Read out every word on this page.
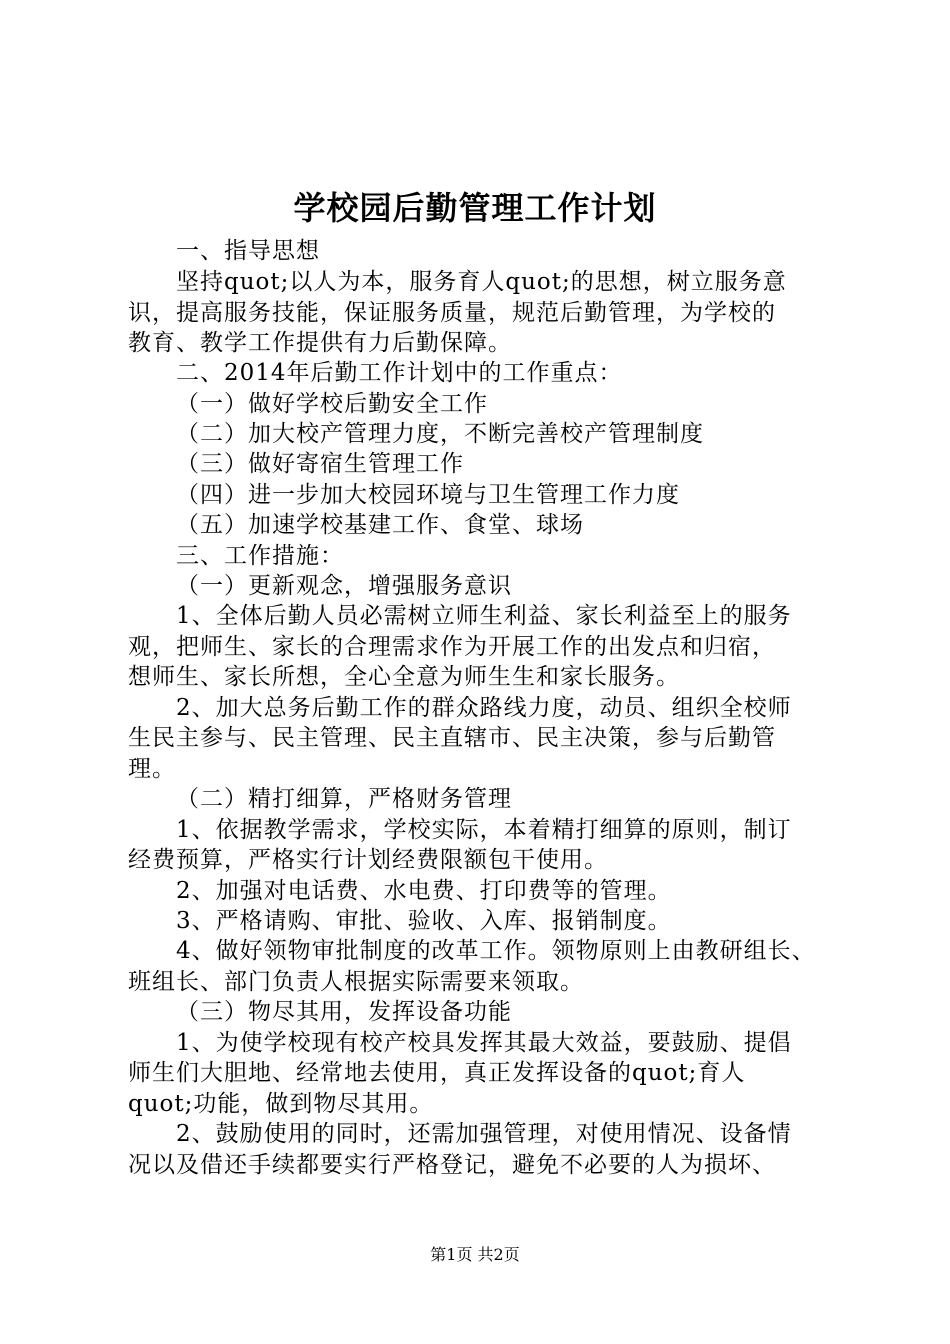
学校园后勤管理工作计划
一、指导思想
坚持quot;以人为本，服务育人quot;的思想，树立服务意
识，提高服务技能，保证服务质量，规范后勤管理，为学校的
教育、教学工作提供有力后勤保障。
二、2014年后勤工作计划中的工作重点：
（一）做好学校后勤安全工作
（二）加大校产管理力度，不断完善校产管理制度
（三）做好寄宿生管理工作
（四）进一步加大校园环境与卫生管理工作力度
（五）加速学校基建工作、食堂、球场
三、工作措施：
（一）更新观念，增强服务意识
1、全体后勤人员必需树立师生利益、家长利益至上的服务
观，把师生、家长的合理需求作为开展工作的出发点和归宿，
想师生、家长所想，全心全意为师生生和家长服务。
2、加大总务后勤工作的群众路线力度，动员、组织全校师
生民主参与、民主管理、民主直辖市、民主决策，参与后勤管
理。
（二）精打细算，严格财务管理
1、依据教学需求，学校实际，本着精打细算的原则，制订
经费预算，严格实行计划经费限额包干使用。
2、加强对电话费、水电费、打印费等的管理。
3、严格请购、审批、验收、入库、报销制度。
4、做好领物审批制度的改革工作。领物原则上由教研组长、
班组长、部门负责人根据实际需要来领取。
（三）物尽其用，发挥设备功能
1、为使学校现有校产校具发挥其最大效益，要鼓励、提倡
师生们大胆地、经常地去使用，真正发挥设备的quot;育人
quot;功能，做到物尽其用。
2、鼓励使用的同时，还需加强管理，对使用情况、设备情
况以及借还手续都要实行严格登记，避免不必要的人为损坏、
第1页 共2页
